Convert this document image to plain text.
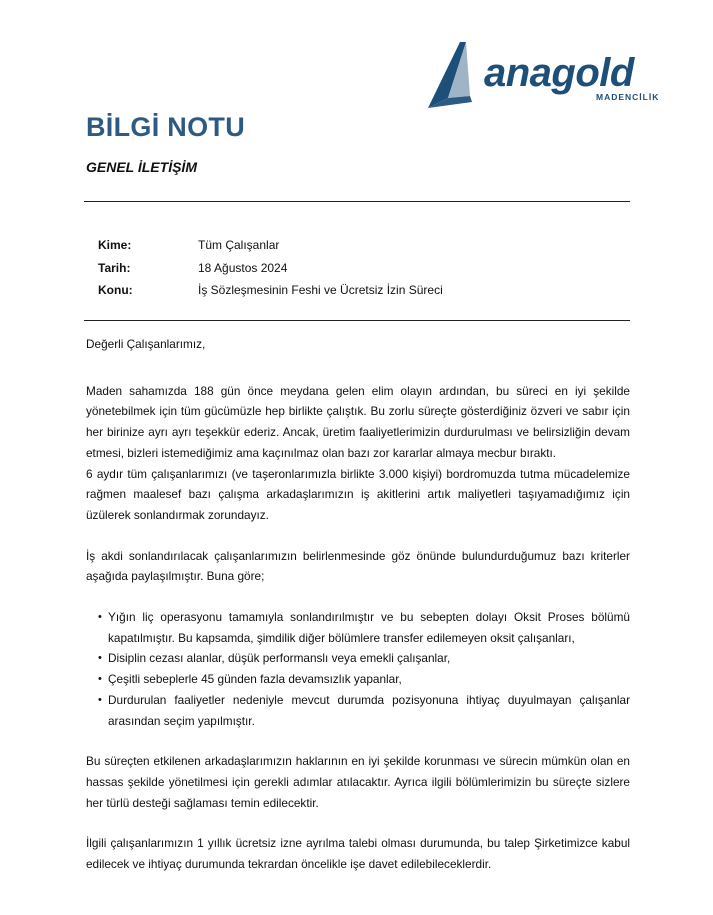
anagold
MADENCİLİK
BİLGİ NOTU
GENEL İLETİŞİM
Kime:	Tüm Çalışanlar
Tarih:	18 Ağustos 2024
Konu:	İş Sözleşmesinin Feshi ve Ücretsiz İzin Süreci

Değerli Çalışanlarımız,

Maden sahamızda 188 gün önce meydana gelen elim olayın ardından, bu süreci en iyi şekilde yönetebilmek için tüm gücümüzle hep birlikte çalıştık. Bu zorlu süreçte gösterdiğiniz özveri ve sabır için her birinize ayrı ayrı teşekkür ederiz. Ancak, üretim faaliyetlerimizin durdurulması ve belirsizliğin devam etmesi, bizleri istemediğimiz ama kaçınılmaz olan bazı zor kararlar almaya mecbur bıraktı.

6 aydır tüm çalışanlarımızı (ve taşeronlarımızla birlikte 3.000 kişiyi) bordromuzda tutma mücadelemize rağmen maalesef bazı çalışma arkadaşlarımızın iş akitlerini artık maliyetleri taşıyamadığımız için üzülerek sonlandırmak zorundayız.

İş akdi sonlandırılacak çalışanlarımızın belirlenmesinde göz önünde bulundurduğumuz bazı kriterler aşağıda paylaşılmıştır. Buna göre;

• Yığın liç operasyonu tamamıyla sonlandırılmıştır ve bu sebepten dolayı Oksit Proses bölümü kapatılmıştır. Bu kapsamda, şimdilik diğer bölümlere transfer edilemeyen oksit çalışanları,
• Disiplin cezası alanlar, düşük performanslı veya emekli çalışanlar,
• Çeşitli sebeplerle 45 günden fazla devamsızlık yapanlar,
• Durdurulan faaliyetler nedeniyle mevcut durumda pozisyonuna ihtiyaç duyulmayan çalışanlar arasından seçim yapılmıştır.

Bu süreçten etkilenen arkadaşlarımızın haklarının en iyi şekilde korunması ve sürecin mümkün olan en hassas şekilde yönetilmesi için gerekli adımlar atılacaktır. Ayrıca ilgili bölümlerimizin bu süreçte sizlere her türlü desteği sağlaması temin edilecektir.

İlgili çalışanlarımızın 1 yıllık ücretsiz izne ayrılma talebi olması durumunda, bu talep Şirketimizce kabul edilecek ve ihtiyaç durumunda tekrardan öncelikle işe davet edilebileceklerdir.
